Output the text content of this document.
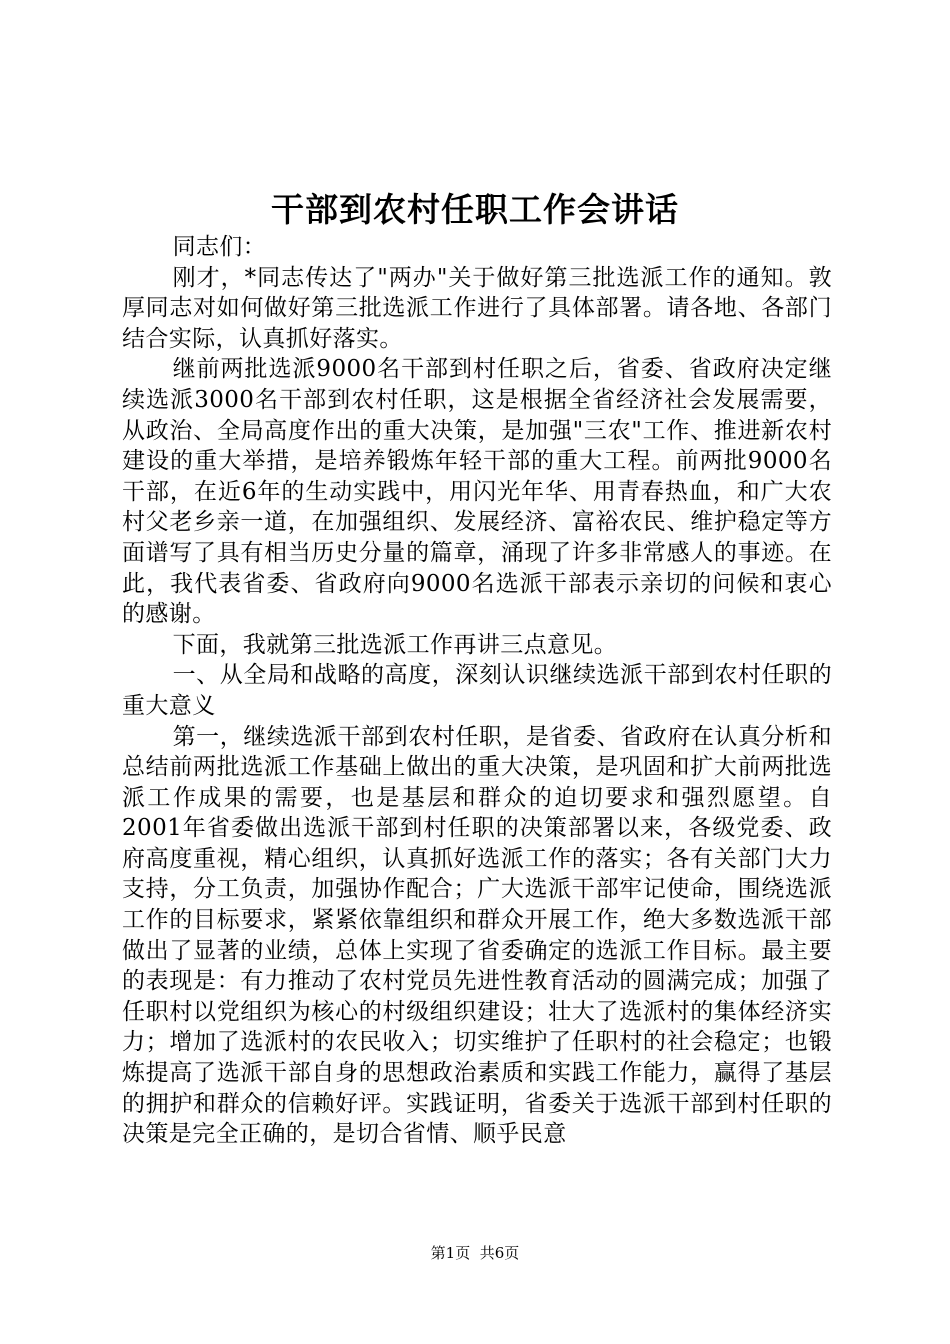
干部到农村任职工作会讲话

同志们：

刚才，*同志传达了"两办"关于做好第三批选派工作的通知。敦厚同志对如何做好第三批选派工作进行了具体部署。请各地、各部门结合实际，认真抓好落实。

继前两批选派9000名干部到村任职之后，省委、省政府决定继续选派3000名干部到农村任职，这是根据全省经济社会发展需要，从政治、全局高度作出的重大决策，是加强"三农"工作、推进新农村建设的重大举措，是培养锻炼年轻干部的重大工程。前两批9000名干部，在近6年的生动实践中，用闪光年华、用青春热血，和广大农村父老乡亲一道，在加强组织、发展经济、富裕农民、维护稳定等方面谱写了具有相当历史分量的篇章，涌现了许多非常感人的事迹。在此，我代表省委、省政府向9000名选派干部表示亲切的问候和衷心的感谢。

下面，我就第三批选派工作再讲三点意见。

一、从全局和战略的高度，深刻认识继续选派干部到农村任职的重大意义

第一，继续选派干部到农村任职，是省委、省政府在认真分析和总结前两批选派工作基础上做出的重大决策，是巩固和扩大前两批选派工作成果的需要，也是基层和群众的迫切要求和强烈愿望。自2001年省委做出选派干部到村任职的决策部署以来，各级党委、政府高度重视，精心组织，认真抓好选派工作的落实；各有关部门大力支持，分工负责，加强协作配合；广大选派干部牢记使命，围绕选派工作的目标要求，紧紧依靠组织和群众开展工作，绝大多数选派干部做出了显著的业绩，总体上实现了省委确定的选派工作目标。最主要的表现是：有力推动了农村党员先进性教育活动的圆满完成；加强了任职村以党组织为核心的村级组织建设；壮大了选派村的集体经济实力；增加了选派村的农民收入；切实维护了任职村的社会稳定；也锻炼提高了选派干部自身的思想政治素质和实践工作能力，赢得了基层的拥护和群众的信赖好评。实践证明，省委关于选派干部到村任职的决策是完全正确的，是切合省情、顺乎民意

第1页 共6页
